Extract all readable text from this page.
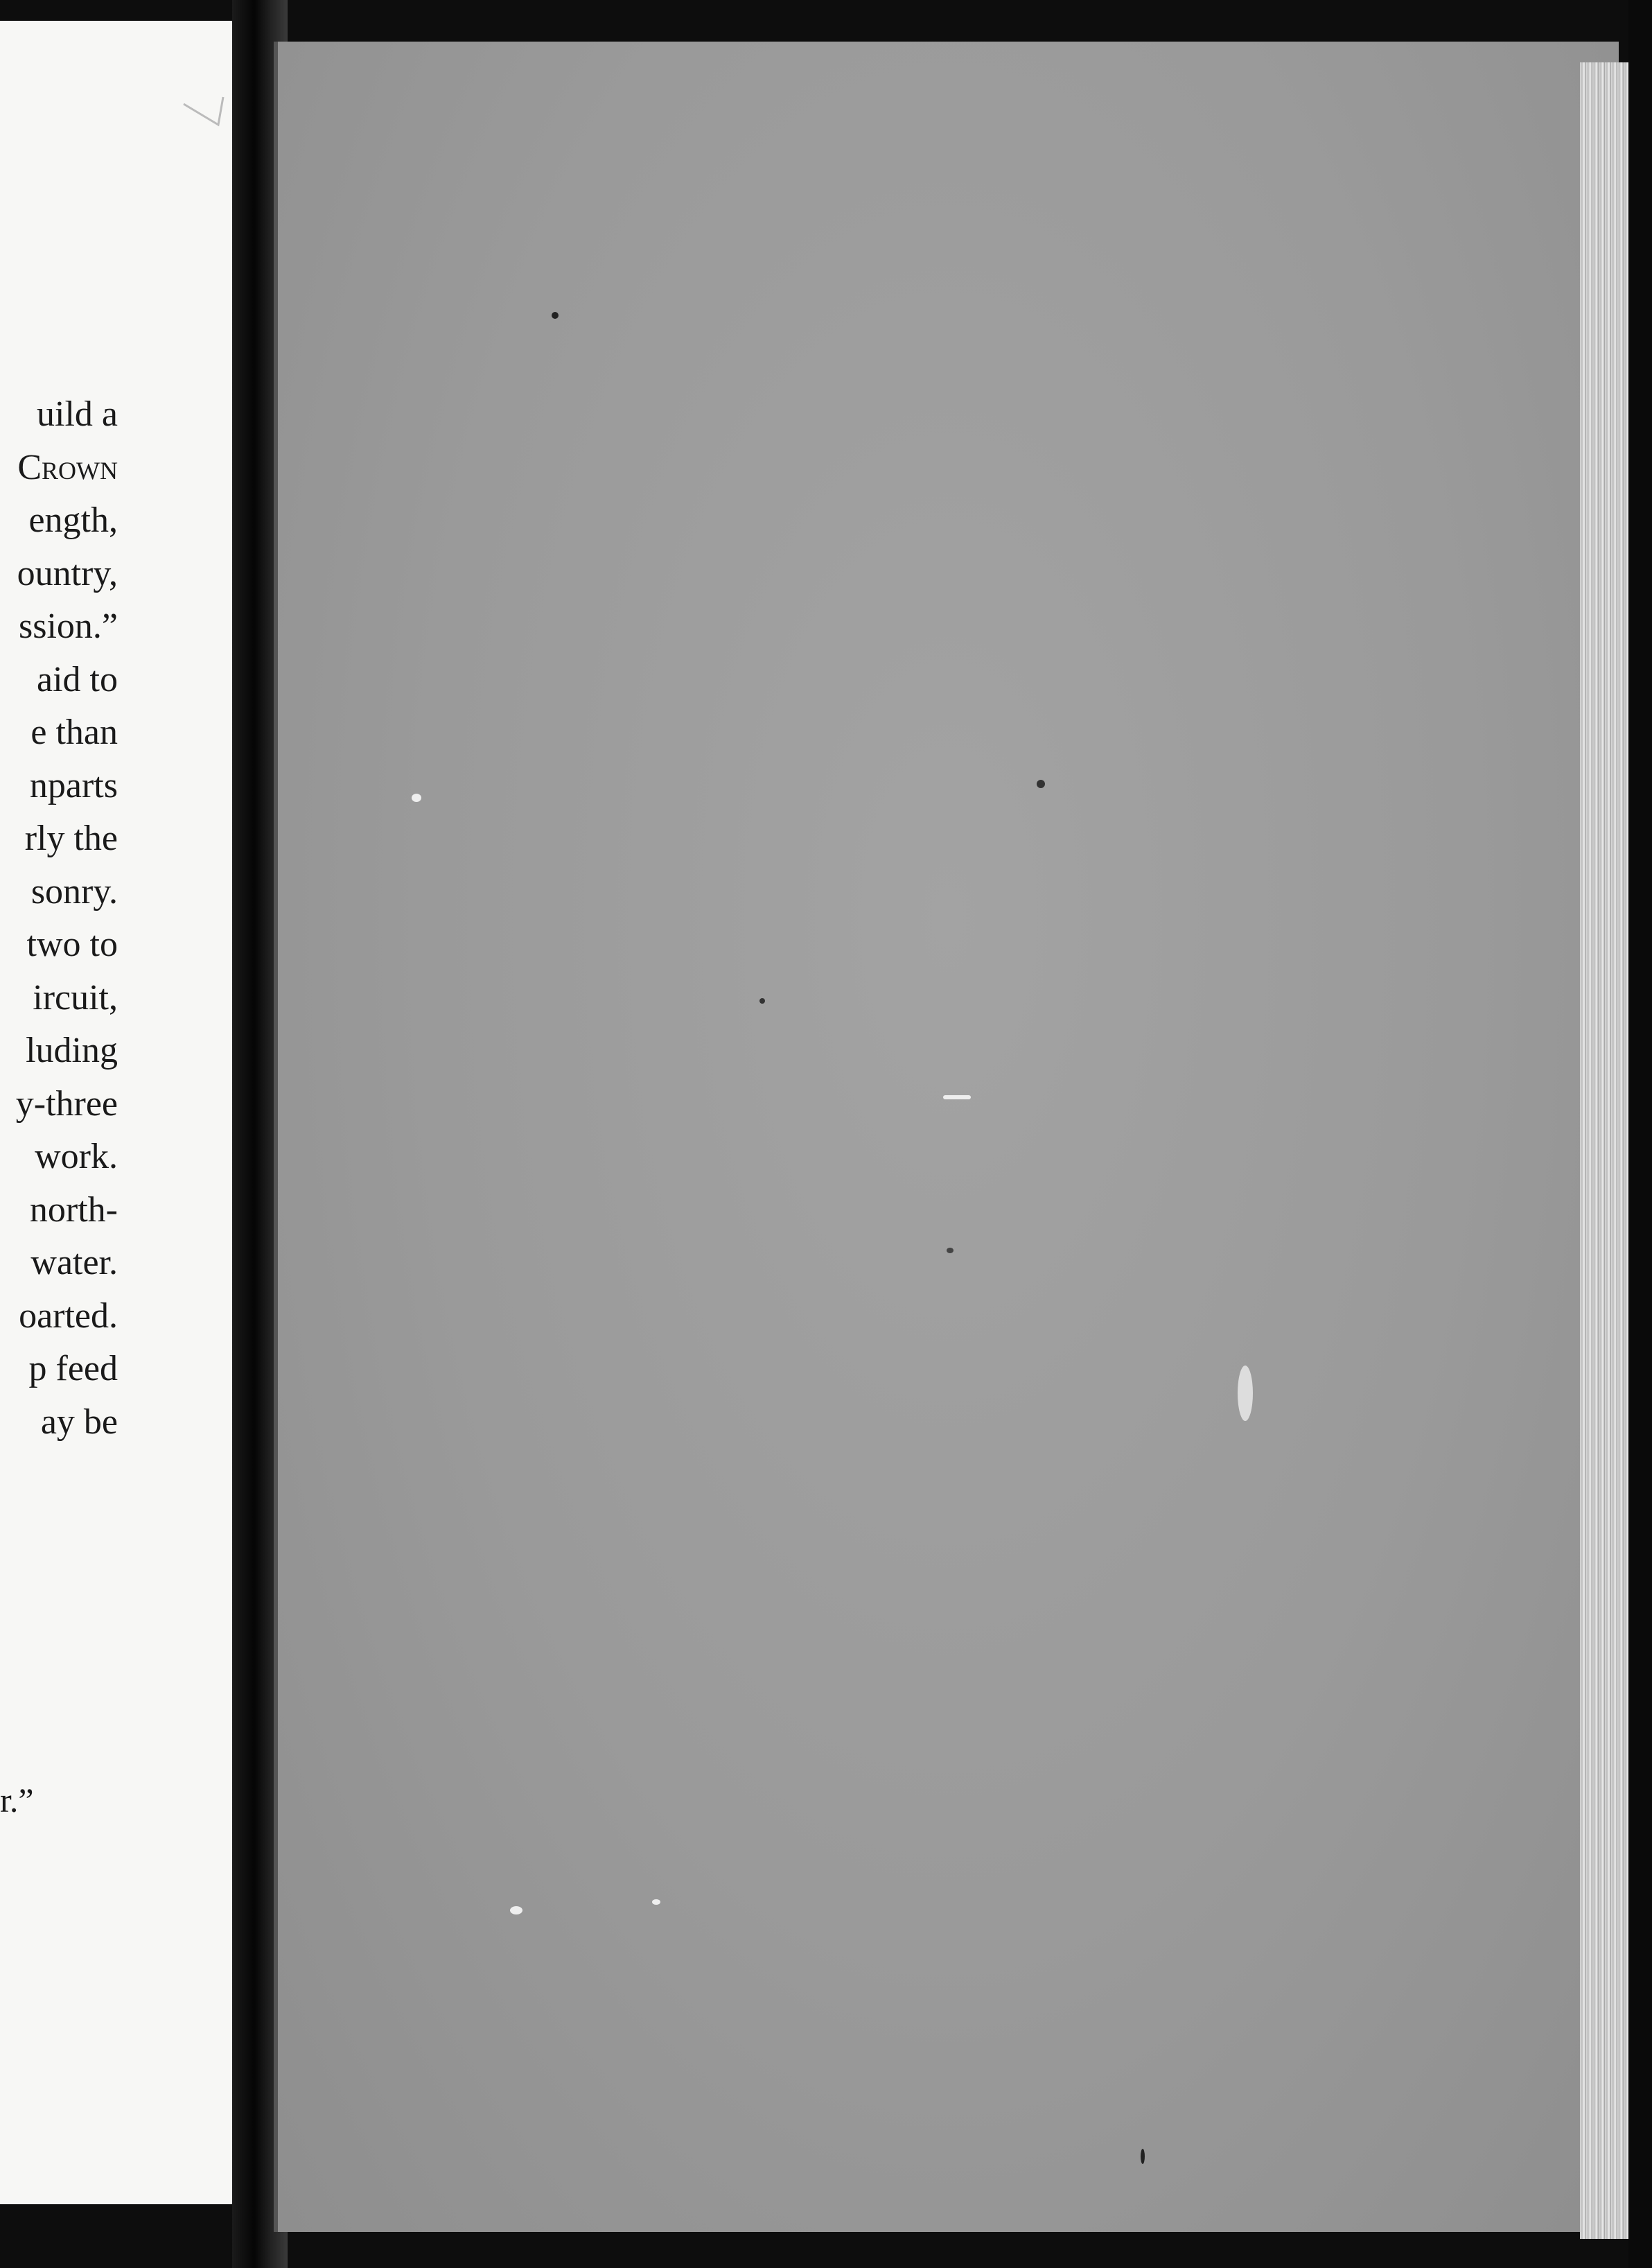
uild a
Crown
ength,
ountry,
ssion.”
aid to
e than
nparts
rly the
sonry.
two to
ircuit,
luding
y-three
work.
north-
water.
oarted.
p feed
ay be
r.”
